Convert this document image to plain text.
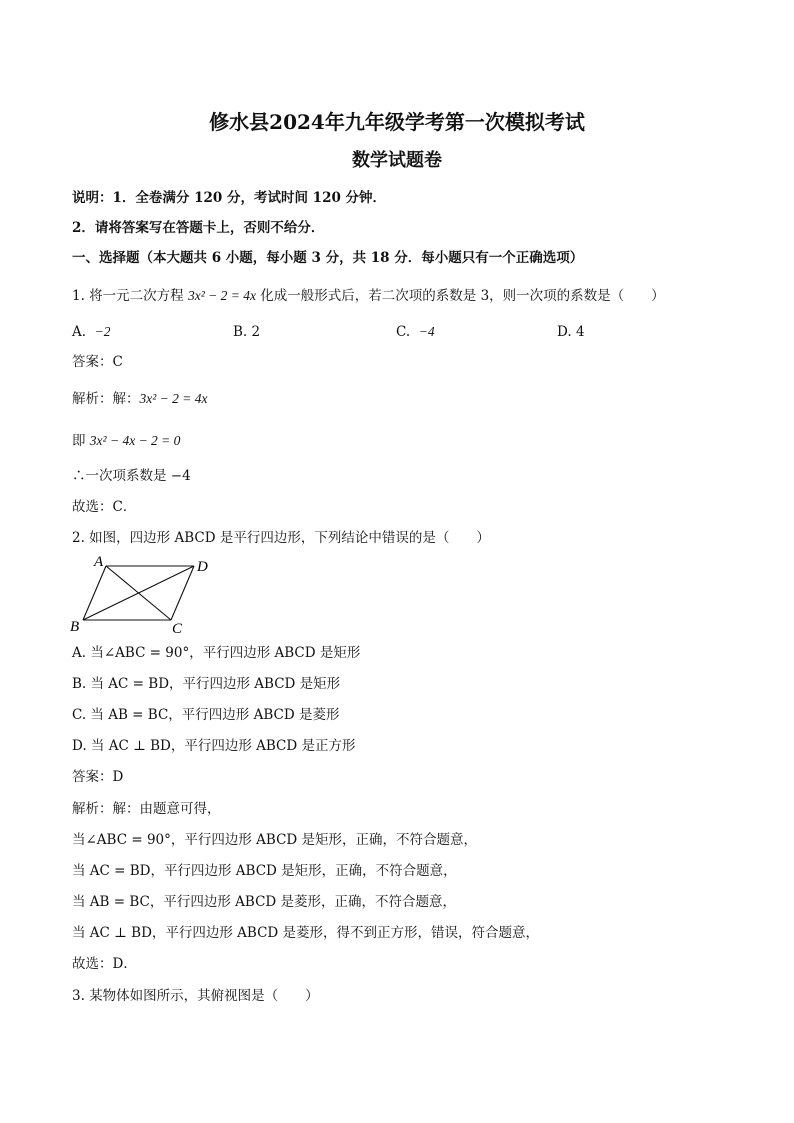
修水县2024年九年级学考第一次模拟考试
数学试题卷
说明：1．全卷满分 120 分，考试时间 120 分钟．
2．请将答案写在答题卡上，否则不给分．
一、选择题（本大题共 6 小题，每小题 3 分，共 18 分．每小题只有一个正确选项）
1. 将一元二次方程 3x² − 2 = 4x 化成一般形式后，若二次项的系数是 3，则一次项的系数是（　　）
A. −2	B. 2	C. −4	D. 4
答案：C
解析：解：3x² − 2 = 4x
即 3x² − 4x − 2 = 0
∴一次项系数是 −4
故选：C．
2. 如图，四边形 ABCD 是平行四边形，下列结论中错误的是（　　）
A	D
B	C
A. 当∠ABC = 90°，平行四边形 ABCD 是矩形
B. 当 AC = BD，平行四边形 ABCD 是矩形
C. 当 AB = BC，平行四边形 ABCD 是菱形
D. 当 AC ⊥ BD，平行四边形 ABCD 是正方形
答案：D
解析：解：由题意可得，
当∠ABC = 90°，平行四边形 ABCD 是矩形，正确，不符合题意，
当 AC = BD，平行四边形 ABCD 是矩形，正确，不符合题意，
当 AB = BC，平行四边形 ABCD 是菱形，正确，不符合题意，
当 AC ⊥ BD，平行四边形 ABCD 是菱形，得不到正方形，错误，符合题意，
故选：D．
3. 某物体如图所示，其俯视图是（　　）
